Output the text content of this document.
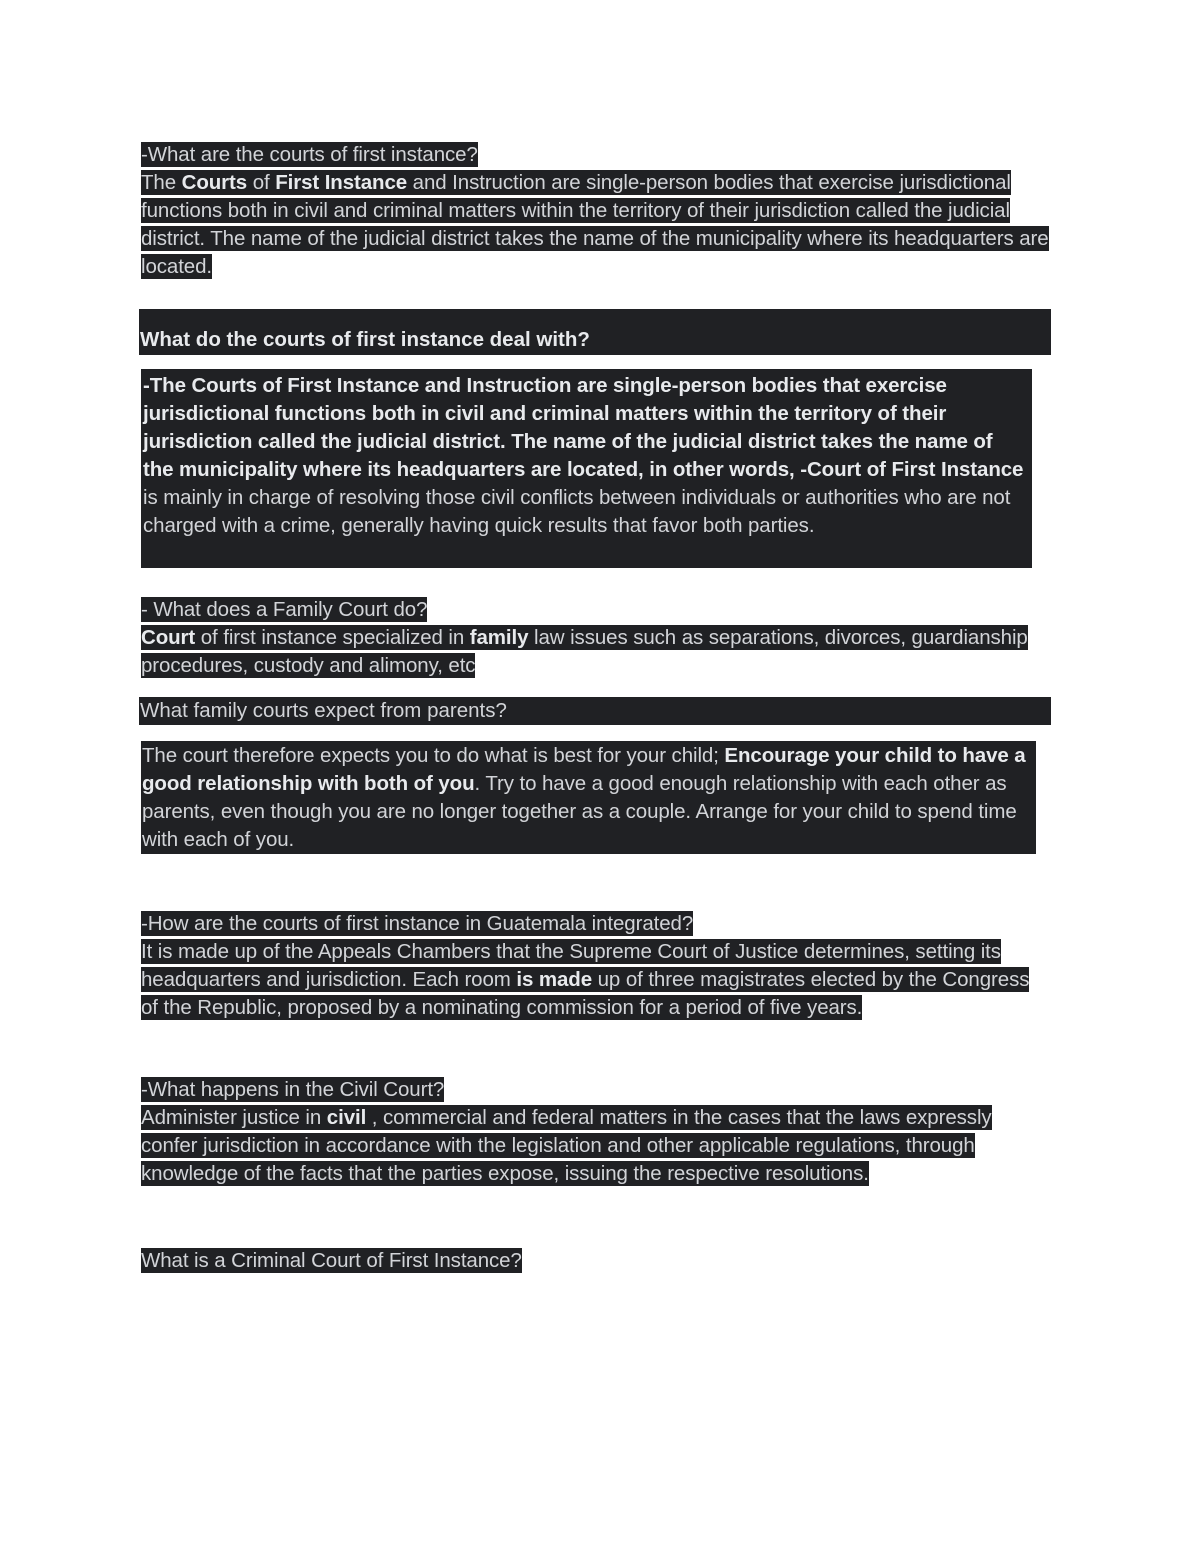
-What are the courts of first instance?
The Courts of First Instance and Instruction are single-person bodies that exercise jurisdictional functions both in civil and criminal matters within the territory of their jurisdiction called the judicial district. The name of the judicial district takes the name of the municipality where its headquarters are located.
What do the courts of first instance deal with?
-The Courts of First Instance and Instruction are single-person bodies that exercise jurisdictional functions both in civil and criminal matters within the territory of their jurisdiction called the judicial district. The name of the judicial district takes the name of the municipality where its headquarters are located, in other words, -Court of First Instance is mainly in charge of resolving those civil conflicts between individuals or authorities who are not charged with a crime, generally having quick results that favor both parties.
- What does a Family Court do?
Court of first instance specialized in family law issues such as separations, divorces, guardianship procedures, custody and alimony, etc
What family courts expect from parents?
The court therefore expects you to do what is best for your child; Encourage your child to have a good relationship with both of you. Try to have a good enough relationship with each other as parents, even though you are no longer together as a couple. Arrange for your child to spend time with each of you.
-How are the courts of first instance in Guatemala integrated?
It is made up of the Appeals Chambers that the Supreme Court of Justice determines, setting its headquarters and jurisdiction. Each room is made up of three magistrates elected by the Congress of the Republic, proposed by a nominating commission for a period of five years.
-What happens in the Civil Court?
Administer justice in civil , commercial and federal matters in the cases that the laws expressly confer jurisdiction in accordance with the legislation and other applicable regulations, through knowledge of the facts that the parties expose, issuing the respective resolutions.
What is a Criminal Court of First Instance?
